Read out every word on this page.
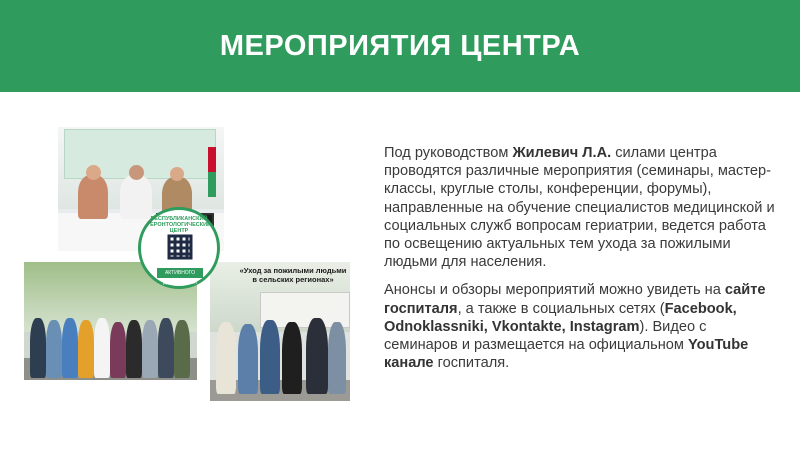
МЕРОПРИЯТИЯ ЦЕНТРА
«Уход за пожилыми людьми в сельских регионах»
РЕСПУБЛИКАНСКИЙ ГЕРОНТОЛОГИЧЕСКИЙ ЦЕНТР
АКТИВНОГО ДОЛГОЛЕТИЯ

Под руководством Жилевич Л.А. силами центра проводятся различные мероприятия (семинары, мастер-классы, круглые столы, конференции, форумы), направленные на обучение специалистов медицинской и социальных служб вопросам гериатрии, ведется работа по освещению актуальных тем ухода за пожилыми людьми для населения.

Анонсы и обзоры мероприятий можно увидеть на сайте госпиталя, а также в социальных сетях (Facebook, Odnoklassniki, Vkontakte, Instagram). Видео с семинаров и размещается на официальном YouTube канале госпиталя.
